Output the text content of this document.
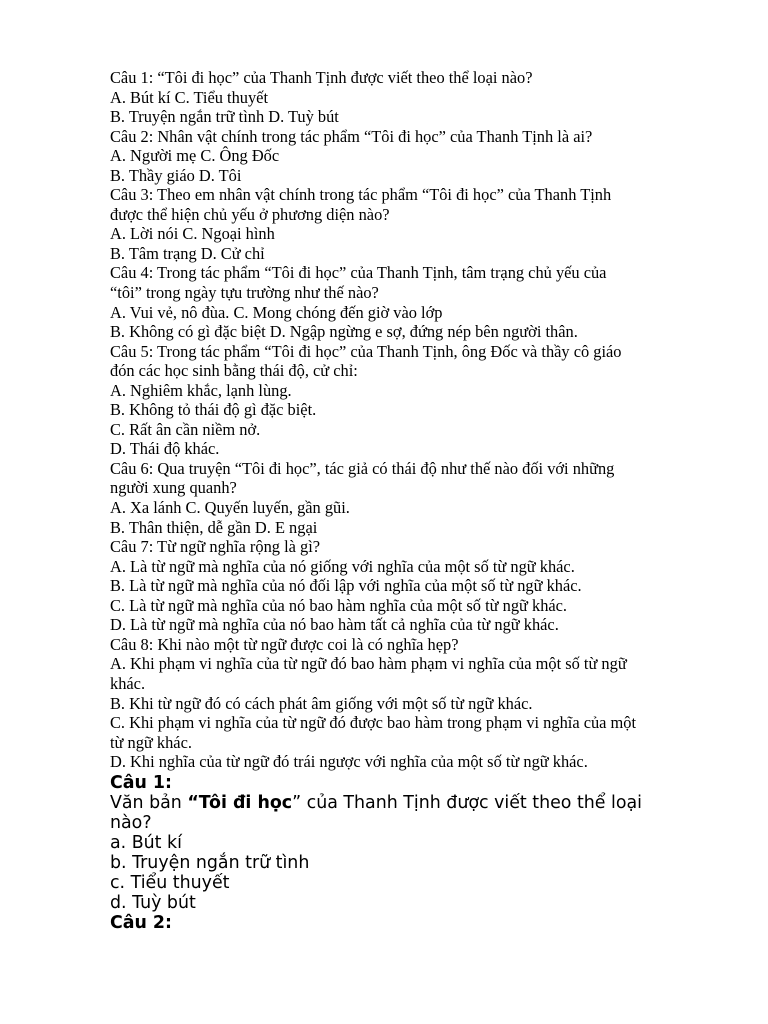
Câu 1: “Tôi đi học” của Thanh Tịnh được viết theo thể loại nào?
A. Bút kí C. Tiểu thuyết
B. Truyện ngắn trữ tình D. Tuỳ bút
Câu 2: Nhân vật chính trong tác phẩm “Tôi đi học” của Thanh Tịnh là ai?
A. Người mẹ C. Ông Đốc
B. Thầy giáo D. Tôi
Câu 3: Theo em nhân vật chính trong tác phẩm “Tôi đi học” của Thanh Tịnh
được thể hiện chủ yếu ở phương diện nào?
A. Lời nói C. Ngoại hình
B. Tâm trạng D. Cử chỉ
Câu 4: Trong tác phẩm “Tôi đi học” của Thanh Tịnh, tâm trạng chủ yếu của
“tôi” trong ngày tựu trường như thế nào?
A. Vui vẻ, nô đùa. C. Mong chóng đến giờ vào lớp
B. Không có gì đặc biệt D. Ngập ngừng e sợ, đứng nép bên người thân.
Câu 5: Trong tác phẩm “Tôi đi học” của Thanh Tịnh, ông Đốc và thầy cô giáo
đón các học sinh bằng thái độ, cử chỉ:
A. Nghiêm khắc, lạnh lùng.
B. Không tỏ thái độ gì đặc biệt.
C. Rất ân cần niềm nở.
D. Thái độ khác.
Câu 6: Qua truyện “Tôi đi học”, tác giả có thái độ như thế nào đối với những
người xung quanh?
A. Xa lánh C. Quyến luyến, gần gũi.
B. Thân thiện, dễ gần D. E ngại
Câu 7: Từ ngữ nghĩa rộng là gì?
A. Là từ ngữ mà nghĩa của nó giống với nghĩa của một số từ ngữ khác.
B. Là từ ngữ mà nghĩa của nó đối lập với nghĩa của một số từ ngữ khác.
C. Là từ ngữ mà nghĩa của nó bao hàm nghĩa của một số từ ngữ khác.
D. Là từ ngữ mà nghĩa của nó bao hàm tất cả nghĩa của từ ngữ khác.
Câu 8: Khi nào một từ ngữ được coi là có nghĩa hẹp?
A. Khi phạm vi nghĩa của từ ngữ đó bao hàm phạm vi nghĩa của một số từ ngữ
khác.
B. Khi từ ngữ đó có cách phát âm giống với một số từ ngữ khác.
C. Khi phạm vi nghĩa của từ ngữ đó được bao hàm trong phạm vi nghĩa của một
từ ngữ khác.
D. Khi nghĩa của từ ngữ đó trái ngược với nghĩa của một số từ ngữ khác.
Câu 1:
Văn bản “Tôi đi học” của Thanh Tịnh được viết theo thể loại
nào?
a. Bút kí
b. Truyện ngắn trữ tình
c. Tiểu thuyết
d. Tuỳ bút
Câu 2:
